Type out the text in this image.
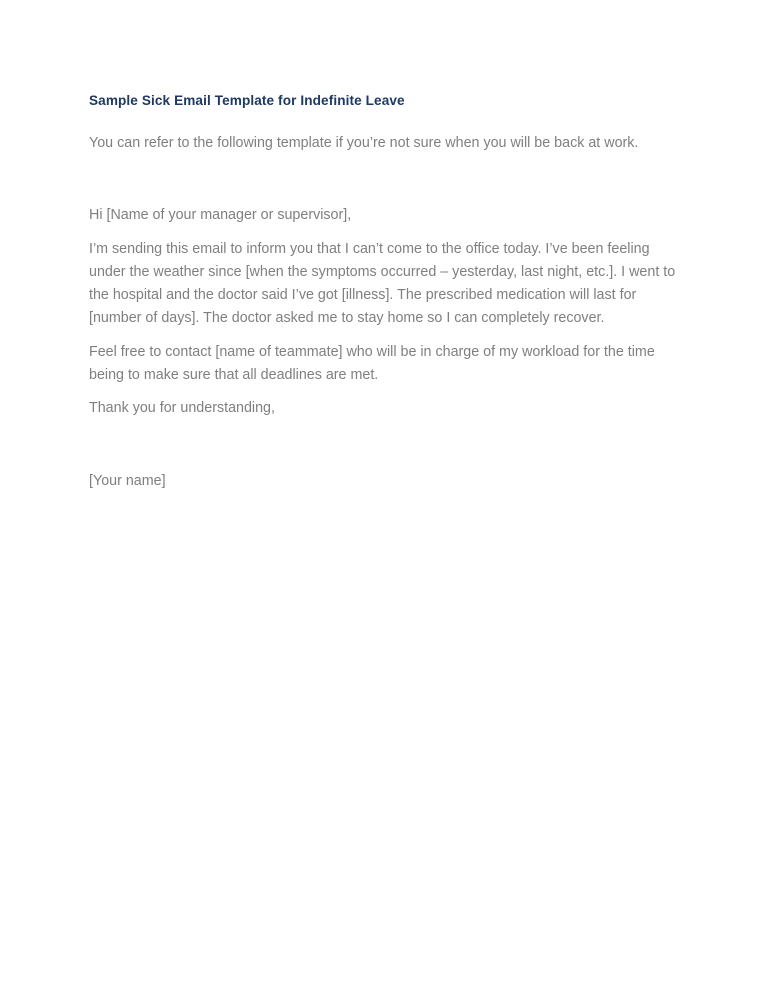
Sample Sick Email Template for Indefinite Leave

You can refer to the following template if you’re not sure when you will be back at work.

Hi [Name of your manager or supervisor],

I’m sending this email to inform you that I can’t come to the office today. I’ve been feeling under the weather since [when the symptoms occurred – yesterday, last night, etc.]. I went to the hospital and the doctor said I’ve got [illness]. The prescribed medication will last for [number of days]. The doctor asked me to stay home so I can completely recover.

Feel free to contact [name of teammate] who will be in charge of my workload for the time being to make sure that all deadlines are met.

Thank you for understanding,

[Your name]
